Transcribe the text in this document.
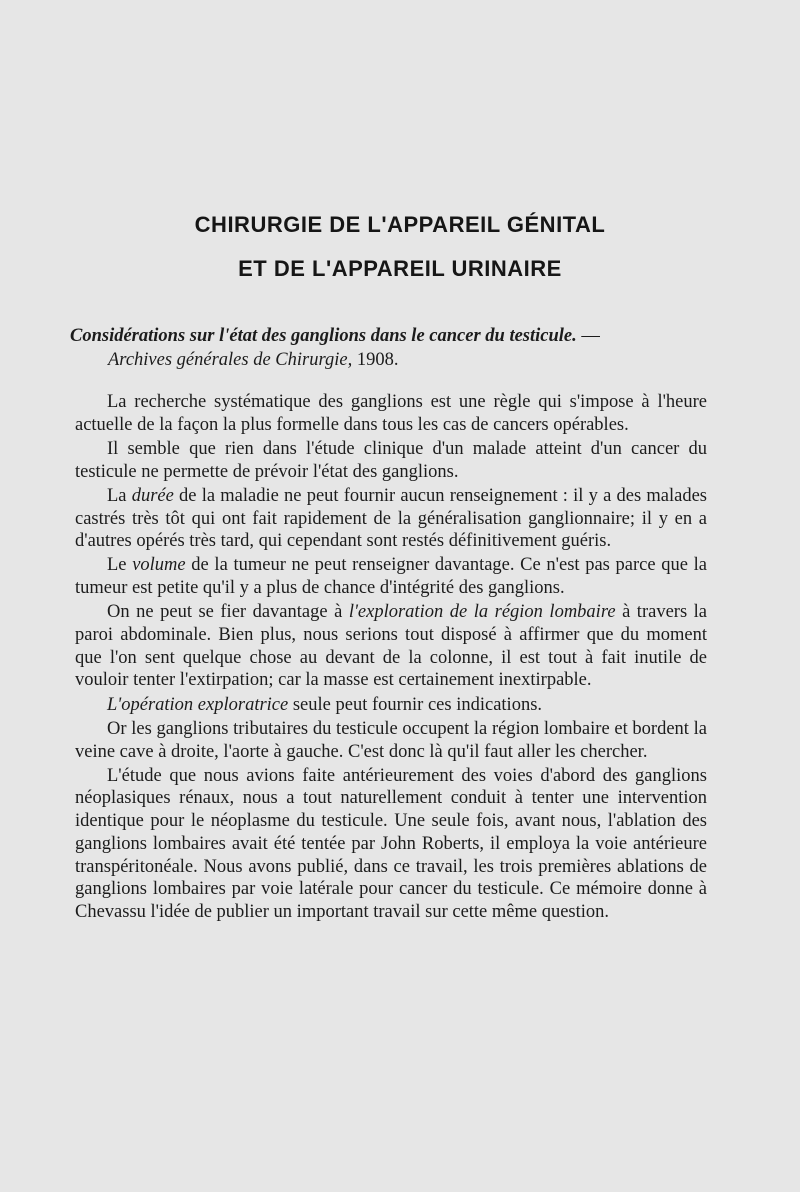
CHIRURGIE DE L'APPAREIL GÉNITAL
ET DE L'APPAREIL URINAIRE
Considérations sur l'état des ganglions dans le cancer du testicule. —
Archives générales de Chirurgie, 1908.

La recherche systématique des ganglions est une règle qui s'impose à l'heure actuelle de la façon la plus formelle dans tous les cas de cancers opérables.

Il semble que rien dans l'étude clinique d'un malade atteint d'un cancer du testicule ne permette de prévoir l'état des ganglions.

La durée de la maladie ne peut fournir aucun renseignement : il y a des malades castrés très tôt qui ont fait rapidement de la généralisation ganglionnaire; il y en a d'autres opérés très tard, qui cependant sont restés définitivement guéris.

Le volume de la tumeur ne peut renseigner davantage. Ce n'est pas parce que la tumeur est petite qu'il y a plus de chance d'intégrité des ganglions.

On ne peut se fier davantage à l'exploration de la région lombaire à travers la paroi abdominale. Bien plus, nous serions tout disposé à affirmer que du moment que l'on sent quelque chose au devant de la colonne, il est tout à fait inutile de vouloir tenter l'extirpation; car la masse est certainement inextirpable.

L'opération exploratrice seule peut fournir ces indications.

Or les ganglions tributaires du testicule occupent la région lombaire et bordent la veine cave à droite, l'aorte à gauche. C'est donc là qu'il faut aller les chercher.

L'étude que nous avions faite antérieurement des voies d'abord des ganglions néoplasiques rénaux, nous a tout naturellement conduit à tenter une intervention identique pour le néoplasme du testicule. Une seule fois, avant nous, l'ablation des ganglions lombaires avait été tentée par John Roberts, il employa la voie antérieure transpéritonéale. Nous avons publié, dans ce travail, les trois premières ablations de ganglions lombaires par voie latérale pour cancer du testicule. Ce mémoire donne à Chevassu l'idée de publier un important travail sur cette même question.
